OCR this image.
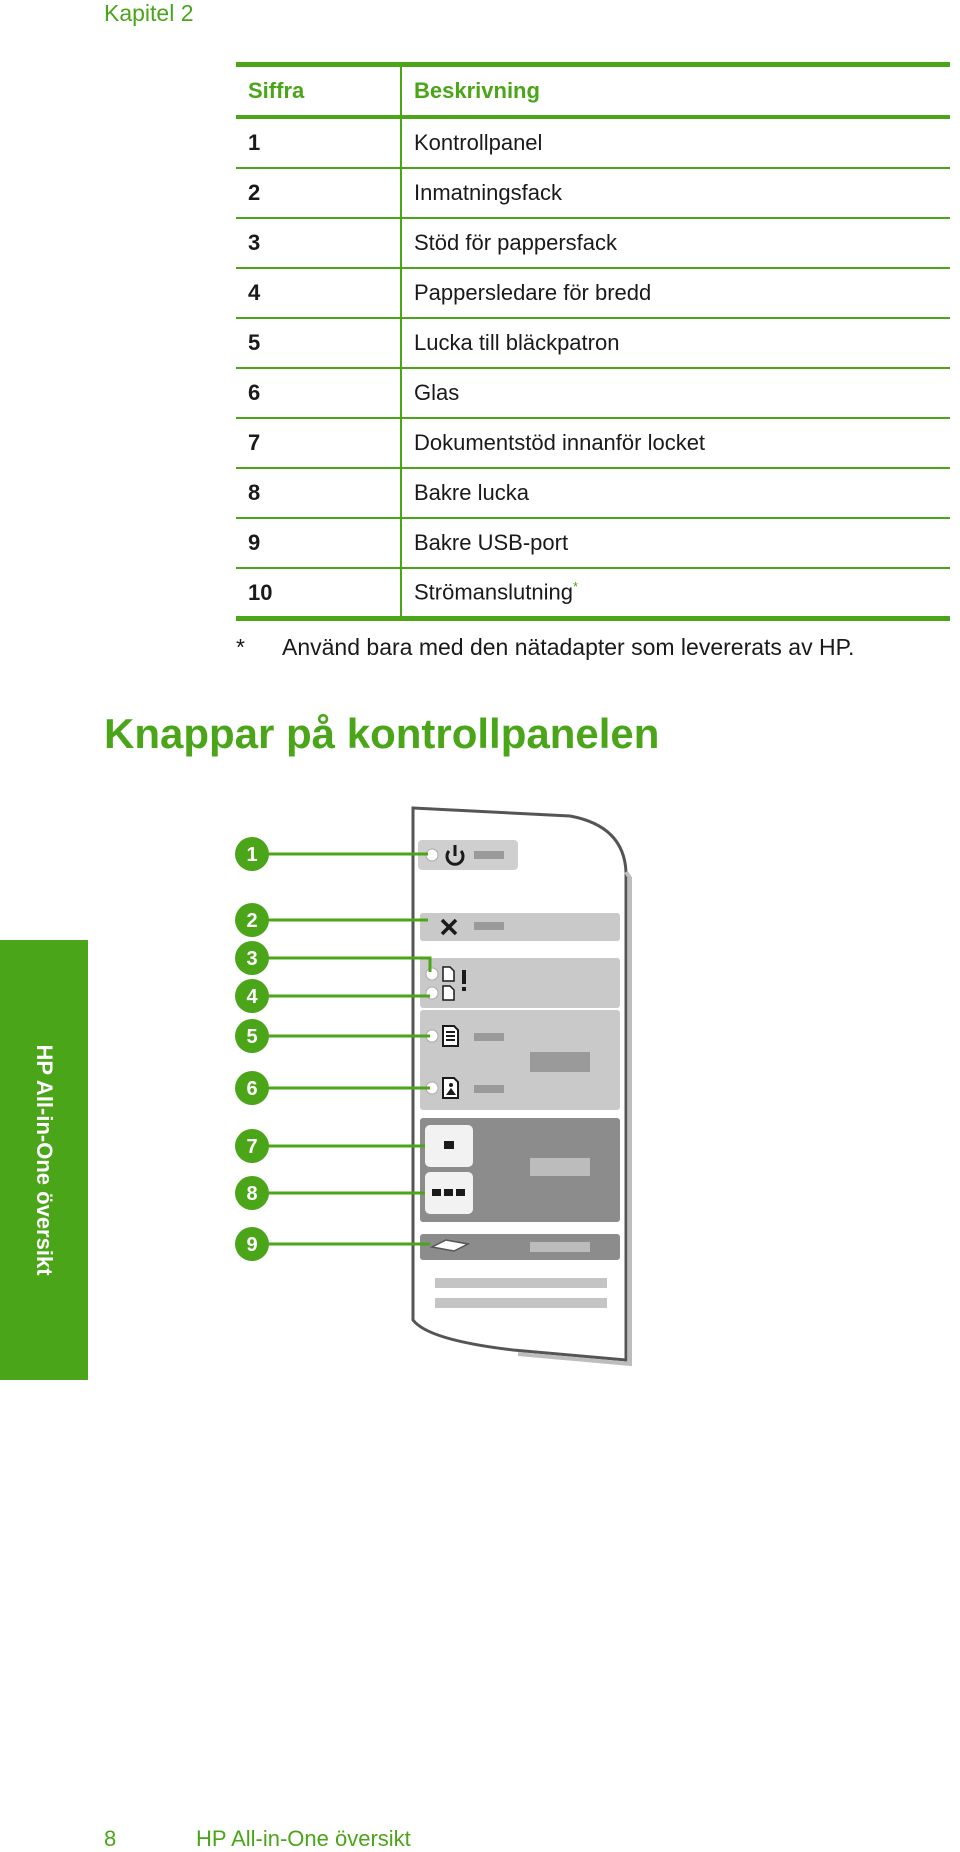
Kapitel 2
Siffra	Beskrivning
1	Kontrollpanel
2	Inmatningsfack
3	Stöd för pappersfack
4	Pappersledare för bredd
5	Lucka till bläckpatron
6	Glas
7	Dokumentstöd innanför locket
8	Bakre lucka
9	Bakre USB-port
10	Strömanslutning*
* Använd bara med den nätadapter som levererats av HP.
Knappar på kontrollpanelen
HP All-in-One översikt
1
2
3
4
5
6
7
8
9
8	HP All-in-One översikt
